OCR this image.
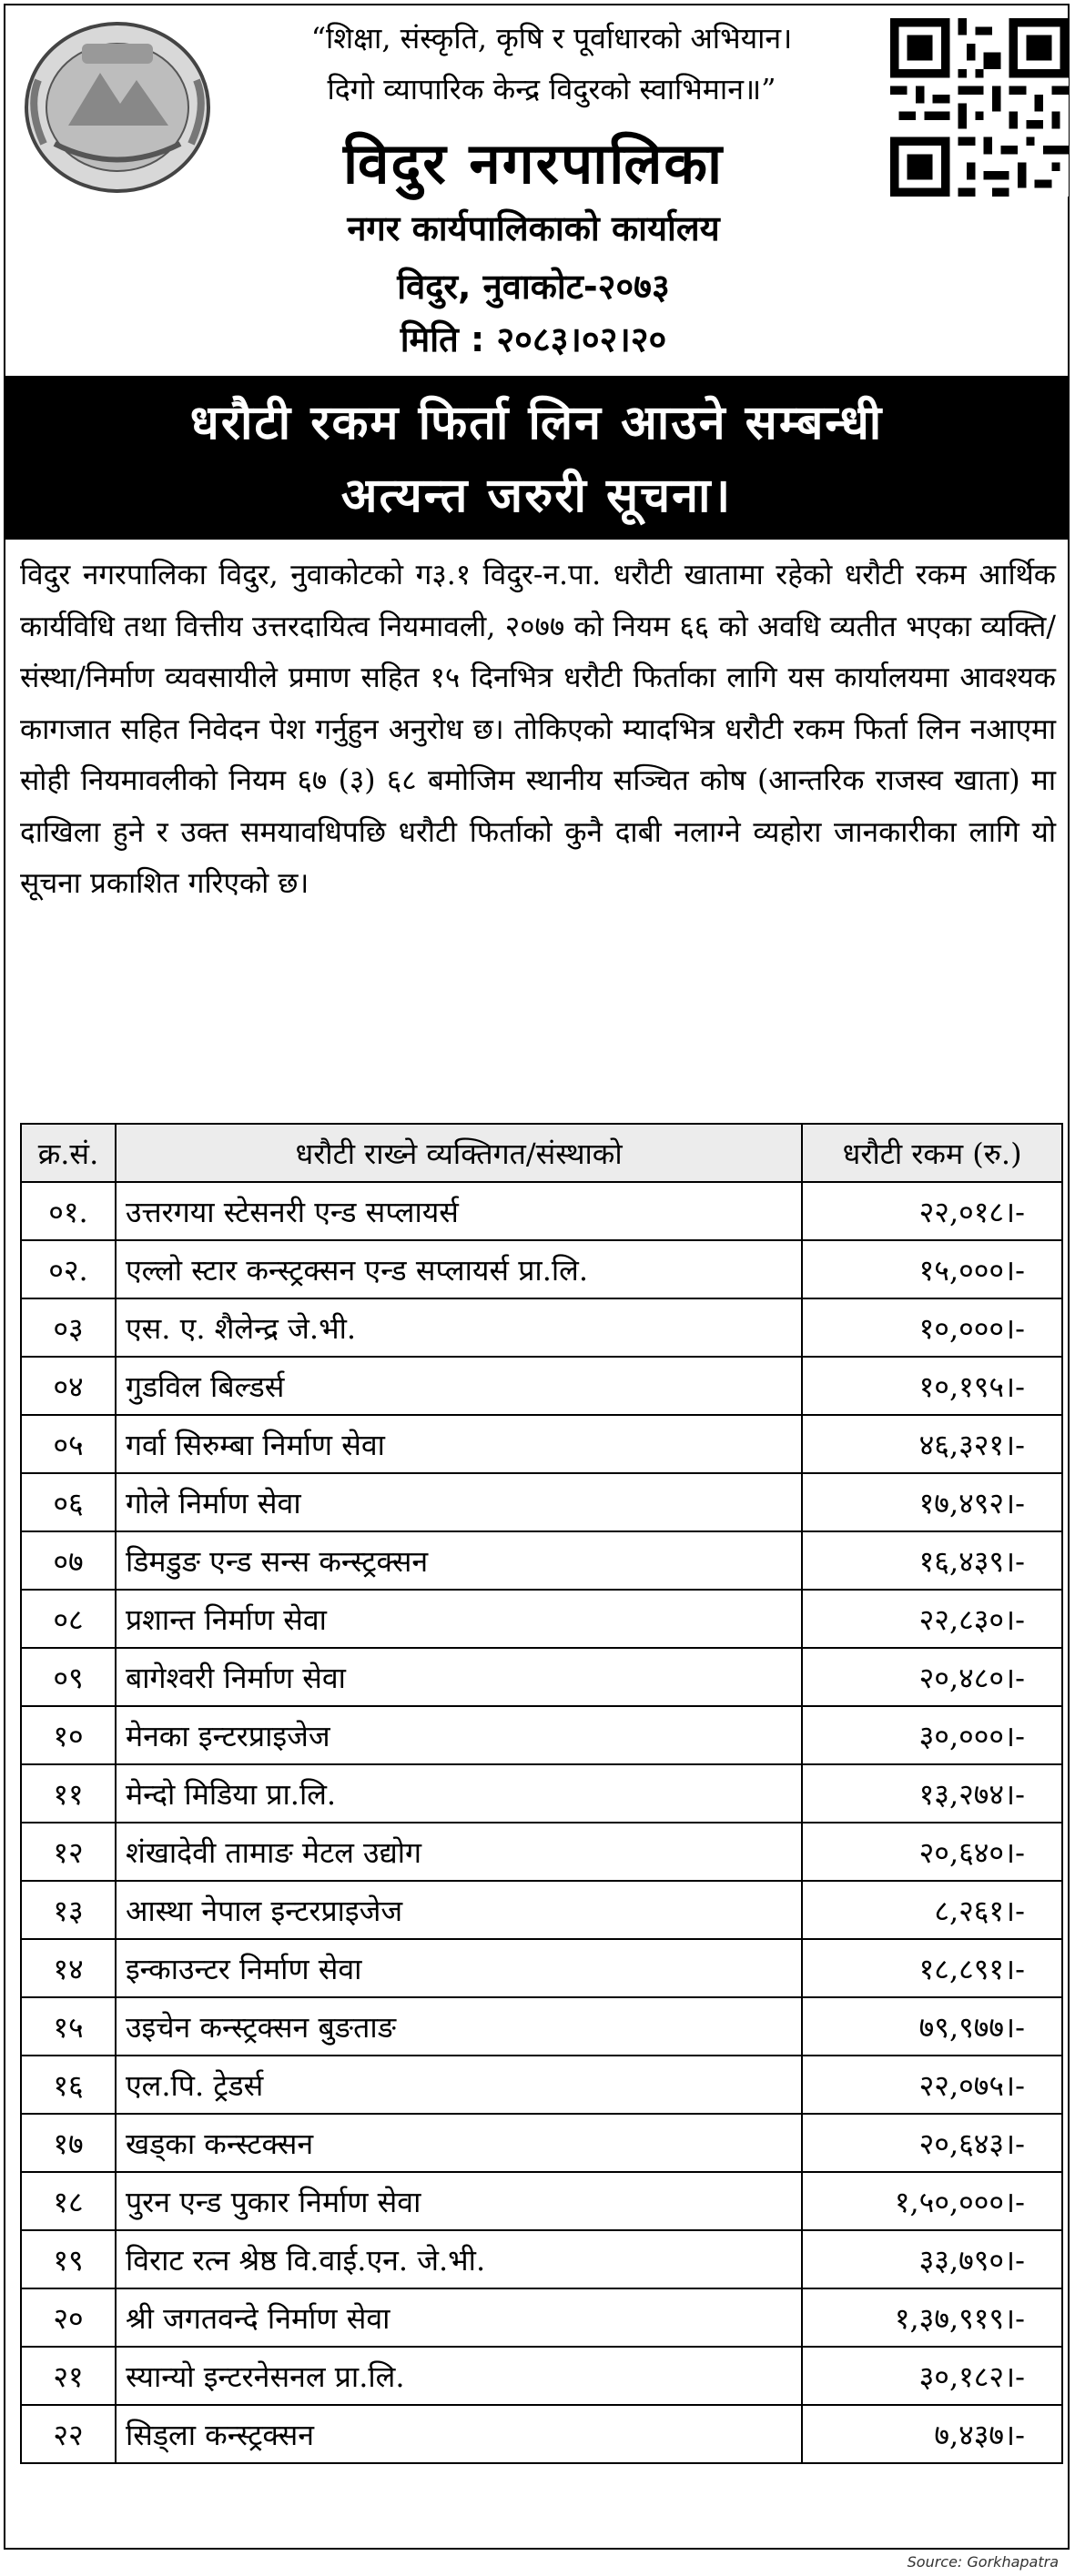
“शिक्षा, संस्कृति, कृषि र पूर्वाधारको अभियान।
दिगो व्यापारिक केन्द्र विदुरको स्वाभिमान॥”
विदुर नगरपालिका
नगर कार्यपालिकाको कार्यालय
विदुर, नुवाकोट-२०७३
मिति : २०८३।०२।२०
धरौटी रकम फिर्ता लिन आउने सम्बन्धी
अत्यन्त जरुरी सूचना।
विदुर नगरपालिका विदुर, नुवाकोटको ग३.१ विदुर-न.पा. धरौटी खातामा रहेको धरौटी रकम आर्थिक कार्यविधि तथा वित्तीय उत्तरदायित्व नियमावली, २०७७ को नियम ६६ को अवधि व्यतीत भएका व्यक्ति/संस्था/निर्माण व्यवसायीले प्रमाण सहित १५ दिनभित्र धरौटी फिर्ताका लागि यस कार्यालयमा आवश्यक कागजात सहित निवेदन पेश गर्नुहुन अनुरोध छ। तोकिएको म्यादभित्र धरौटी रकम फिर्ता लिन नआएमा सोही नियमावलीको नियम ६७ (३) ६८ बमोजिम स्थानीय सञ्चित कोष (आन्तरिक राजस्व खाता) मा दाखिला हुने र उक्त समयावधिपछि धरौटी फिर्ताको कुनै दाबी नलाग्ने व्यहोरा जानकारीका लागि यो सूचना प्रकाशित गरिएको छ।
क्र.सं.	धरौटी राख्ने व्यक्तिगत/संस्थाको	धरौटी रकम (रु.)
०१.	उत्तरगया स्टेसनरी एन्ड सप्लायर्स	२२,०१८।-
०२.	एल्लो स्टार कन्स्ट्रक्सन एन्ड सप्लायर्स प्रा.लि.	१५,०००।-
०३	एस. ए. शैलेन्द्र जे.भी.	१०,०००।-
०४	गुडविल बिल्डर्स	१०,१९५।-
०५	गर्वा सिरुम्बा निर्माण सेवा	४६,३२१।-
०६	गोले निर्माण सेवा	१७,४९२।-
०७	डिमडुङ एन्ड सन्स कन्स्ट्रक्सन	१६,४३९।-
०८	प्रशान्त निर्माण सेवा	२२,८३०।-
०९	बागेश्वरी निर्माण सेवा	२०,४८०।-
१०	मेनका इन्टरप्राइजेज	३०,०००।-
११	मेन्दो मिडिया प्रा.लि.	१३,२७४।-
१२	शंखादेवी तामाङ मेटल उद्योग	२०,६४०।-
१३	आस्था नेपाल इन्टरप्राइजेज	८,२६१।-
१४	इन्काउन्टर निर्माण सेवा	१८,८९१।-
१५	उइचेन कन्स्ट्रक्सन बुङताङ	७९,९७७।-
१६	एल.पि. ट्रेडर्स	२२,०७५।-
१७	खड्का कन्स्टक्सन	२०,६४३।-
१८	पुरन एन्ड पुकार निर्माण सेवा	१,५०,०००।-
१९	विराट रत्न श्रेष्ठ वि.वाई.एन. जे.भी.	३३,७९०।-
२०	श्री जगतवन्दे निर्माण सेवा	१,३७,९१९।-
२१	स्यान्यो इन्टरनेसनल प्रा.लि.	३०,१८२।-
२२	सिड्ला कन्स्ट्रक्सन	७,४३७।-
Source: Gorkhapatra
